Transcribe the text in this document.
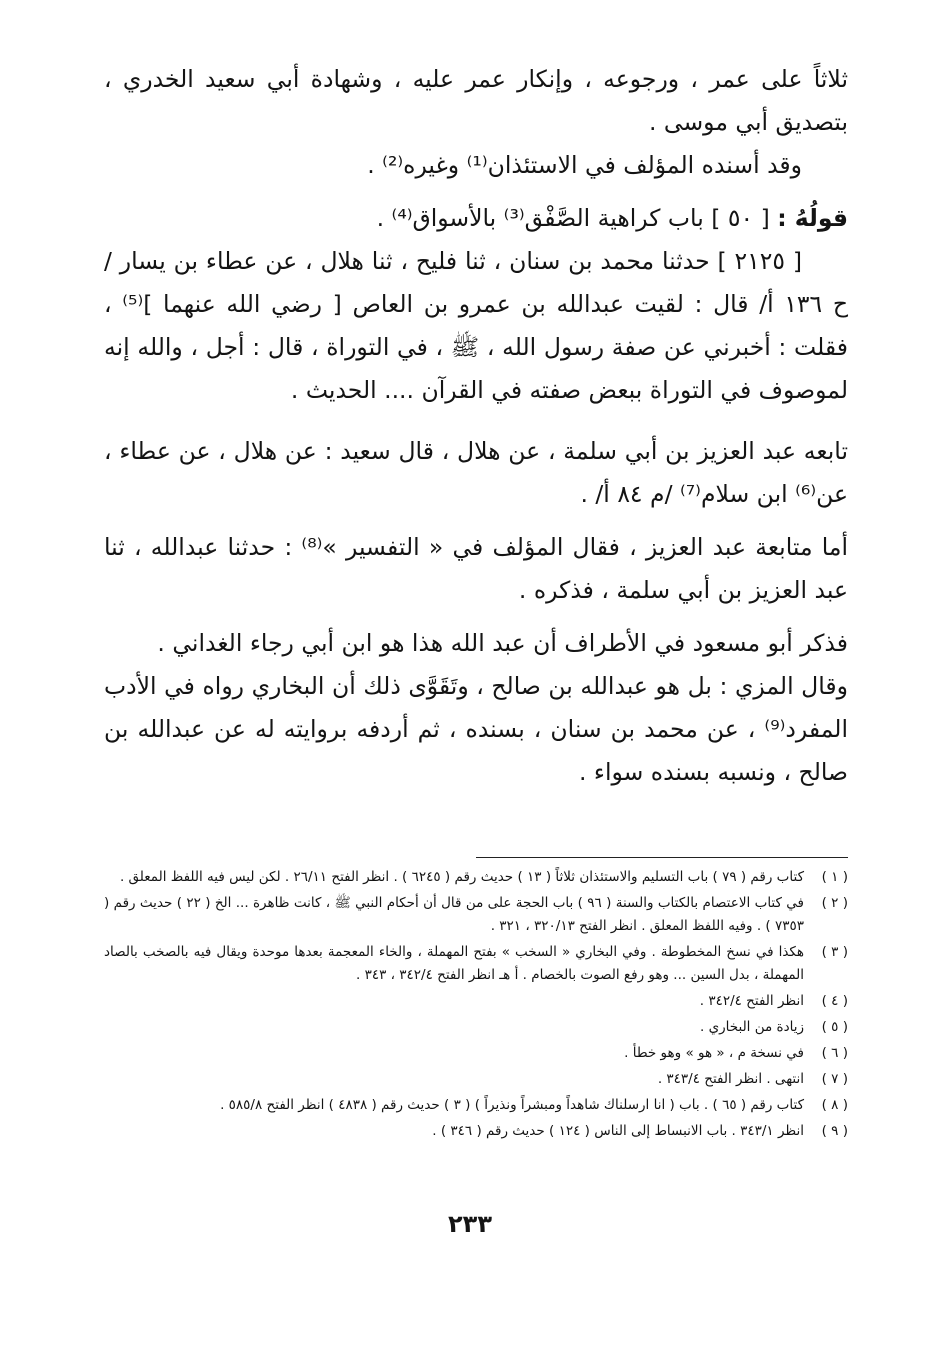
ثلاثاً على عمر ، ورجوعه ، وإنكار عمر عليه ، وشهادة أبي سعيد الخدري ، بتصديق أبي موسى .

وقد أسنده المؤلف في الاستئذان⁽¹⁾ وغيره⁽²⁾ .

قولُهُ : [ ٥٠ ] باب كراهية الصَّفْق⁽³⁾ بالأسواق⁽⁴⁾ .

[ ٢١٢٥ ] حدثنا محمد بن سنان ، ثنا فليح ، ثنا هلال ، عن عطاء بن يسار /ح ١٣٦ أ/ قال : لقيت عبدالله بن عمرو بن العاص [ رضي الله عنهما ]⁽⁵⁾ ، فقلت : أخبرني عن صفة رسول الله ، ﷺ ، في التوراة ، قال : أجل ، والله إنه لموصوف في التوراة ببعض صفته في القرآن .... الحديث .

تابعه عبد العزيز بن أبي سلمة ، عن هلال ، قال سعيد : عن هلال ، عن عطاء ، عن⁽⁶⁾ ابن سلام⁽⁷⁾ /م ٨٤ أ/ .

أما متابعة عبد العزيز ، فقال المؤلف في « التفسير »⁽⁸⁾ : حدثنا عبدالله ، ثنا عبد العزيز بن أبي سلمة ، فذكره .

فذكر أبو مسعود في الأطراف أن عبد الله هذا هو ابن أبي رجاء الغداني .

وقال المزي : بل هو عبدالله بن صالح ، وتَقَوَّى ذلك أن البخاري رواه في الأدب المفرد⁽⁹⁾ ، عن محمد بن سنان ، بسنده ، ثم أردفه بروايته له عن عبدالله بن صالح ، ونسبه بسنده سواء .

( ١ )
كتاب رقم ( ٧٩ ) باب التسليم والاستئذان ثلاثاً ( ١٣ ) حديث رقم ( ٦٢٤٥ ) . انظر الفتح ٢٦/١١ . لكن ليس فيه اللفظ المعلق .
( ٢ )
في كتاب الاعتصام بالكتاب والسنة ( ٩٦ ) باب الحجة على من قال أن أحكام النبي ﷺ ، كانت ظاهرة ... الخ ( ٢٢ ) حديث رقم ( ٧٣٥٣ ) . وفيه اللفظ المعلق . انظر الفتح ٣٢٠/١٣ ، ٣٢١ .
( ٣ )
هكذا في نسخ المخطوطة . وفي البخاري « السخب » بفتح المهملة ، والخاء المعجمة بعدها موحدة ويقال فيه بالصخب بالصاد المهملة ، بدل السين ... وهو رفع الصوت بالخصام . أ هـ انظر الفتح ٣٤٢/٤ ، ٣٤٣ .
( ٤ )
انظر الفتح ٣٤٢/٤ .
( ٥ )
زيادة من البخاري .
( ٦ )
في نسخة م ، « هو » وهو خطأ .
( ٧ )
انتهى . انظر الفتح ٣٤٣/٤ .
( ٨ )
كتاب رقم ( ٦٥ ) . باب ( انا ارسلناك شاهداً ومبشراً ونذيراً ) ( ٣ ) حديث رقم ( ٤٨٣٨ ) انظر الفتح ٥٨٥/٨ .
( ٩ )
انظر ٣٤٣/١ . باب الانبساط إلى الناس ( ١٢٤ ) حديث رقم ( ٣٤٦ ) .
٢٣٣
